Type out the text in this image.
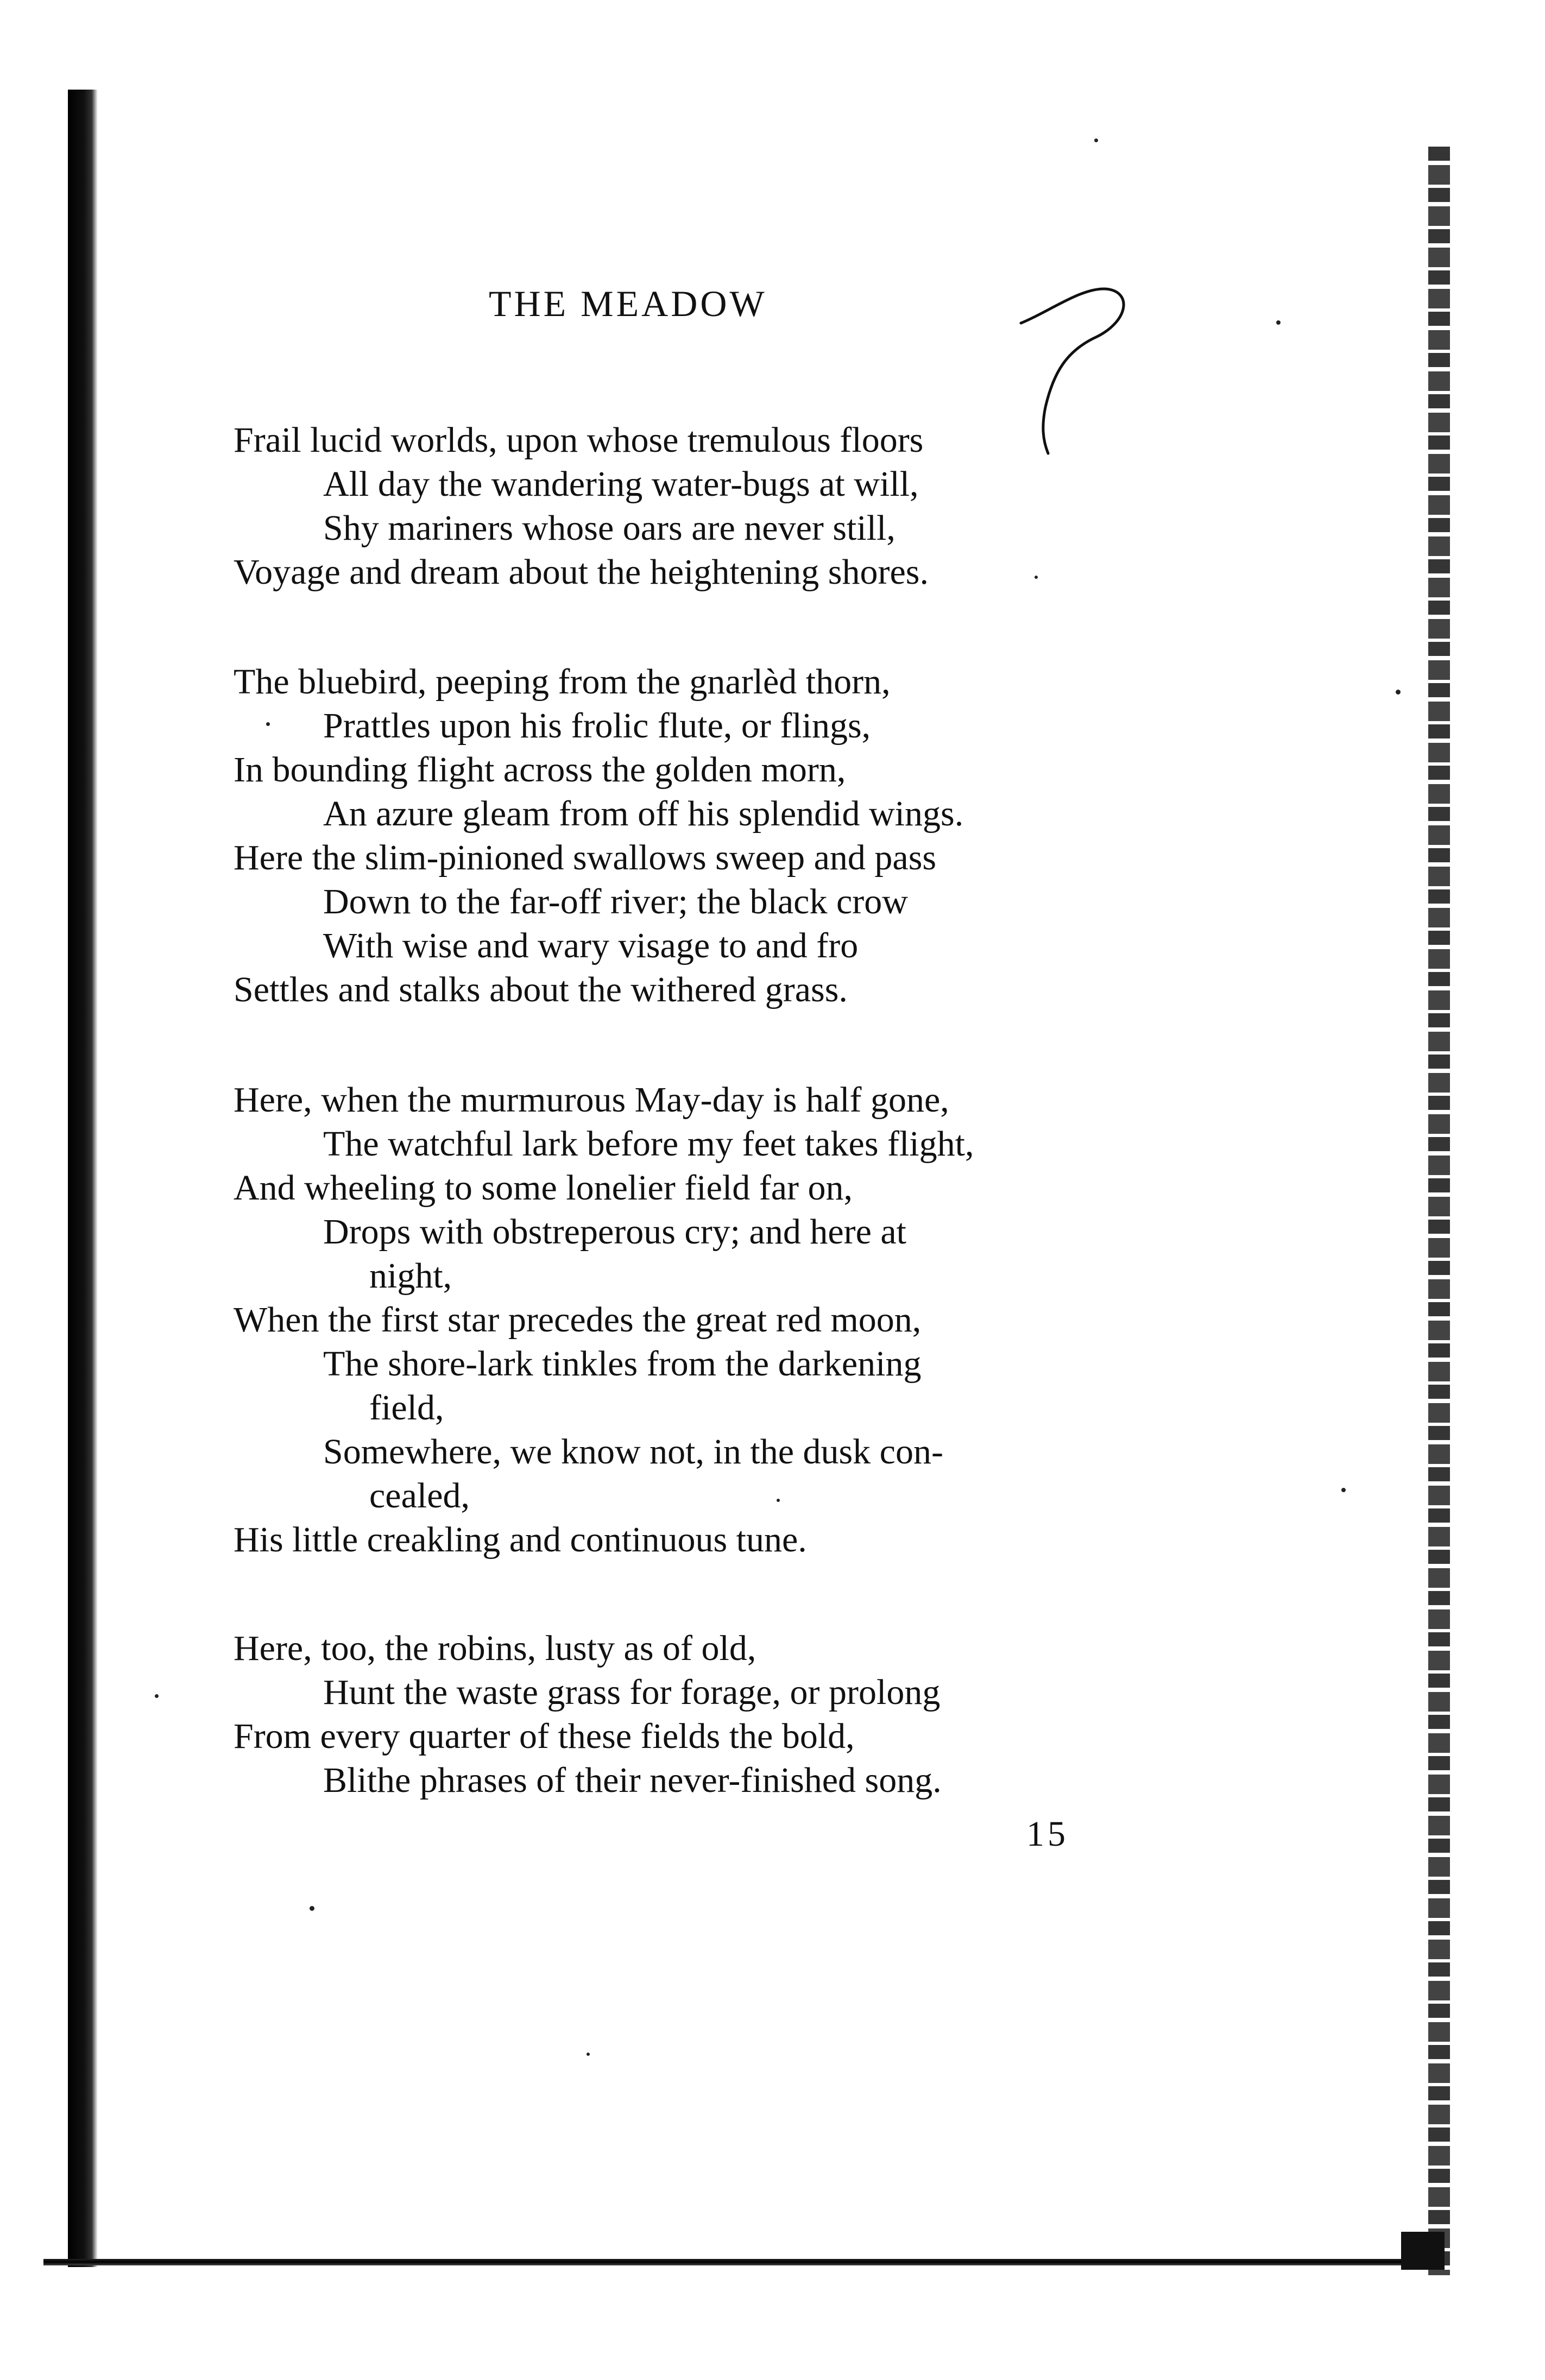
THE MEADOW
Frail lucid worlds, upon whose tremulous floors
All day the wandering water-bugs at will,
Shy mariners whose oars are never still,
Voyage and dream about the heightening shores.
The bluebird, peeping from the gnarlèd thorn,
Prattles upon his frolic flute, or flings,
In bounding flight across the golden morn,
An azure gleam from off his splendid wings.
Here the slim-pinioned swallows sweep and pass
Down to the far-off river; the black crow
With wise and wary visage to and fro
Settles and stalks about the withered grass.
Here, when the murmurous May-day is half gone,
The watchful lark before my feet takes flight,
And wheeling to some lonelier field far on,
Drops with obstreperous cry; and here at
night,
When the first star precedes the great red moon,
The shore-lark tinkles from the darkening
field,
Somewhere, we know not, in the dusk con-
cealed,
His little creakling and continuous tune.
Here, too, the robins, lusty as of old,
Hunt the waste grass for forage, or prolong
From every quarter of these fields the bold,
Blithe phrases of their never-finished song.
15
